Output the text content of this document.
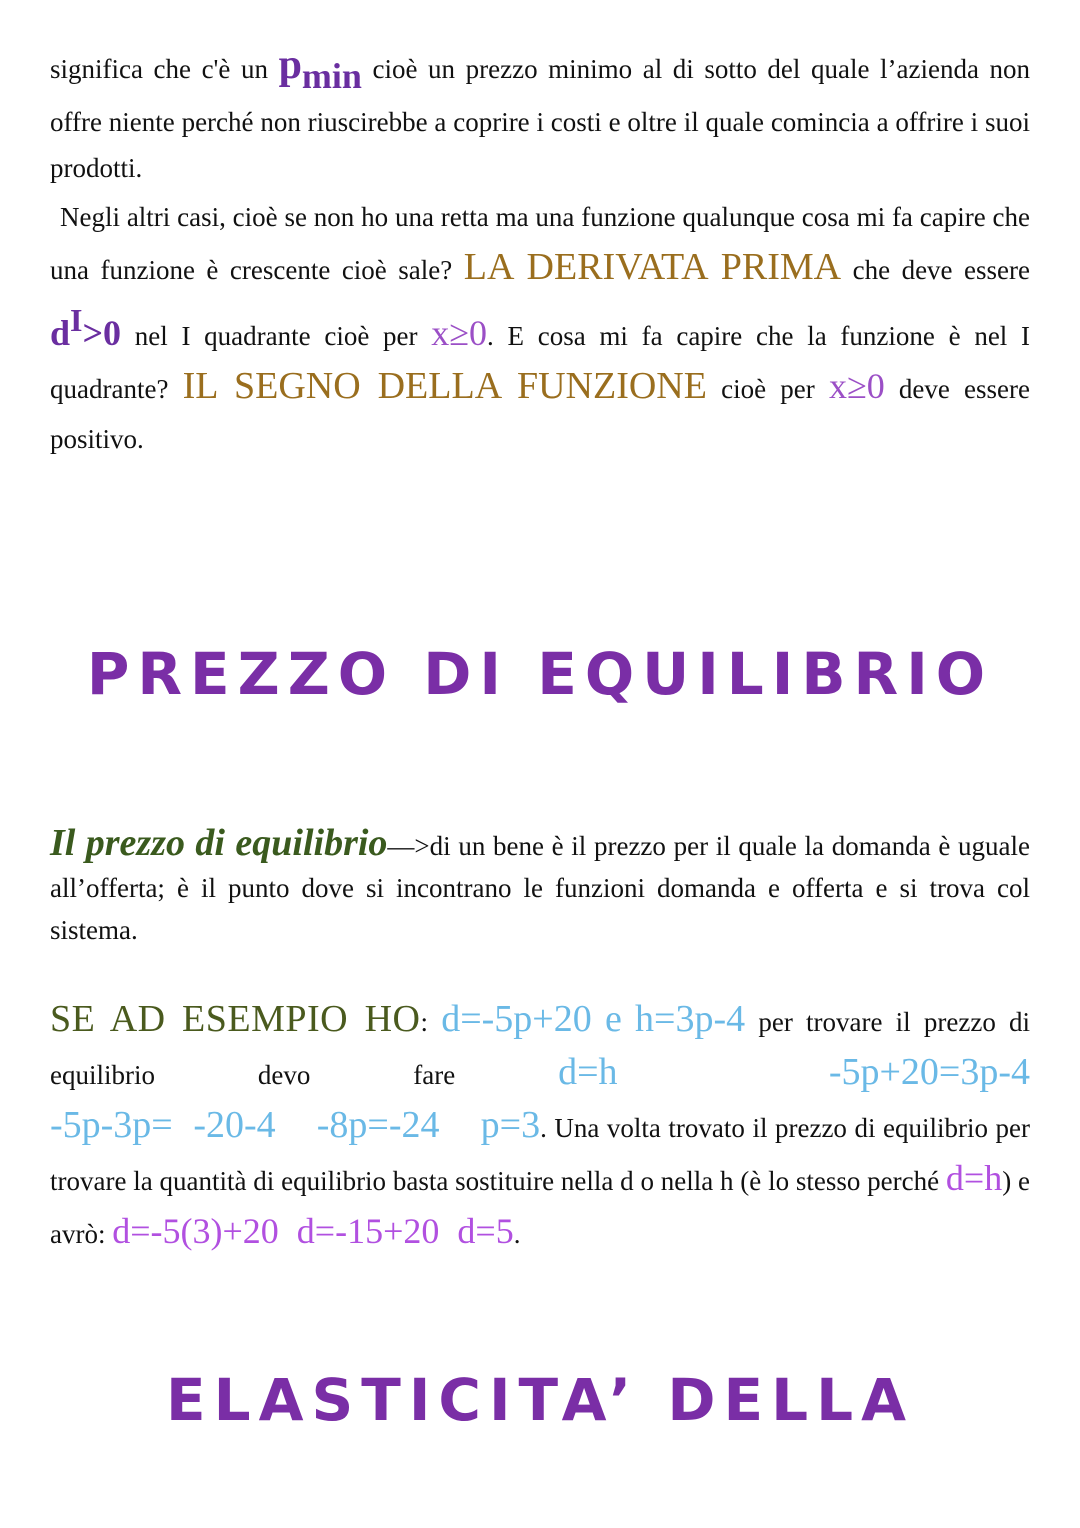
significa che c'è un $p_{min}$ cioè un prezzo minimo al di sotto del quale l’azienda non offre niente perché non riuscirebbe a coprire i costi e oltre il quale comincia a offrire i suoi prodotti.

Negli altri casi, cioè se non ho una retta ma una funzione qualunque cosa mi fa capire che una funzione è crescente cioè sale? LA DERIVATA PRIMA che deve essere $d^I>0$ nel I quadrante cioè per x≥0. E cosa mi fa capire che la funzione è nel I quadrante? IL SEGNO DELLA FUNZIONE cioè per x≥0 deve essere positivo.

PREZZO DI EQUILIBRIO

Il prezzo di equilibrio—>di un bene è il prezzo per il quale la domanda è uguale all’offerta; è il punto dove si incontrano le funzioni domanda e offerta e si trova col sistema.

SE AD ESEMPIO HO: d=-5p+20 e h=3p-4 per trovare il prezzo di equilibrio devo fare	d=h  -5p+20=3p-4 -5p-3p=  -20-4    -8p=-24    p=3. Una volta trovato il prezzo di equilibrio per trovare la quantità di equilibrio basta sostituire nella d o nella h (è lo stesso perché d=h) e avrò: d=-5(3)+20  d=-15+20  d=5.

ELASTICITA’ DELLA
